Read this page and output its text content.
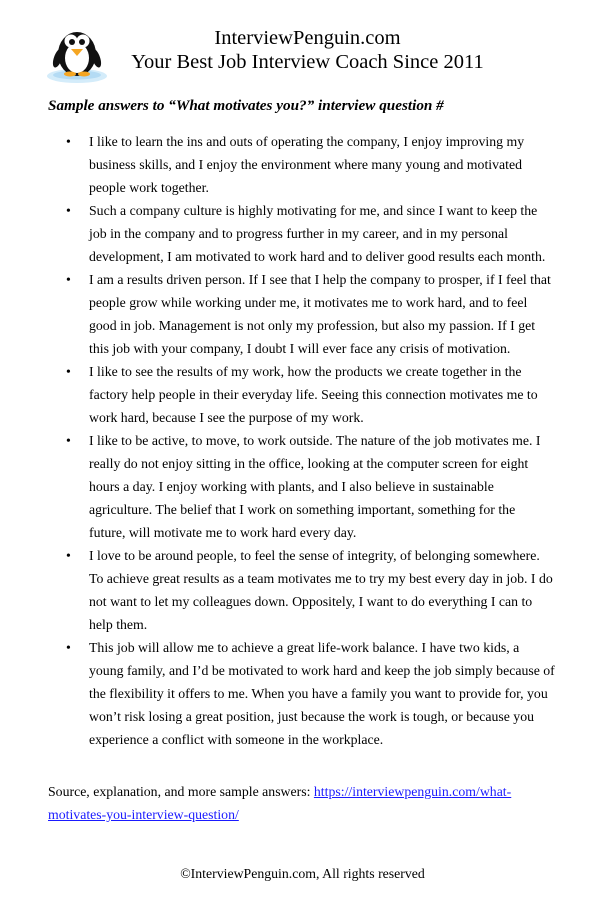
InterviewPenguin.com
Your Best Job Interview Coach Since 2011
Sample answers to “What motivates you?” interview question #
• I like to learn the ins and outs of operating the company, I enjoy improving my business skills, and I enjoy the environment where many young and motivated people work together.
• Such a company culture is highly motivating for me, and since I want to keep the job in the company and to progress further in my career, and in my personal development, I am motivated to work hard and to deliver good results each month.
• I am a results driven person. If I see that I help the company to prosper, if I feel that people grow while working under me, it motivates me to work hard, and to feel good in job. Management is not only my profession, but also my passion. If I get this job with your company, I doubt I will ever face any crisis of motivation.
• I like to see the results of my work, how the products we create together in the factory help people in their everyday life. Seeing this connection motivates me to work hard, because I see the purpose of my work.
• I like to be active, to move, to work outside. The nature of the job motivates me. I really do not enjoy sitting in the office, looking at the computer screen for eight hours a day. I enjoy working with plants, and I also believe in sustainable agriculture. The belief that I work on something important, something for the future, will motivate me to work hard every day.
• I love to be around people, to feel the sense of integrity, of belonging somewhere. To achieve great results as a team motivates me to try my best every day in job. I do not want to let my colleagues down. Oppositely, I want to do everything I can to help them.
• This job will allow me to achieve a great life-work balance. I have two kids, a young family, and I’d be motivated to work hard and keep the job simply because of the flexibility it offers to me. When you have a family you want to provide for, you won’t risk losing a great position, just because the work is tough, or because you experience a conflict with someone in the workplace.
Source, explanation, and more sample answers: https://interviewpenguin.com/what-motivates-you-interview-question/
©InterviewPenguin.com, All rights reserved
